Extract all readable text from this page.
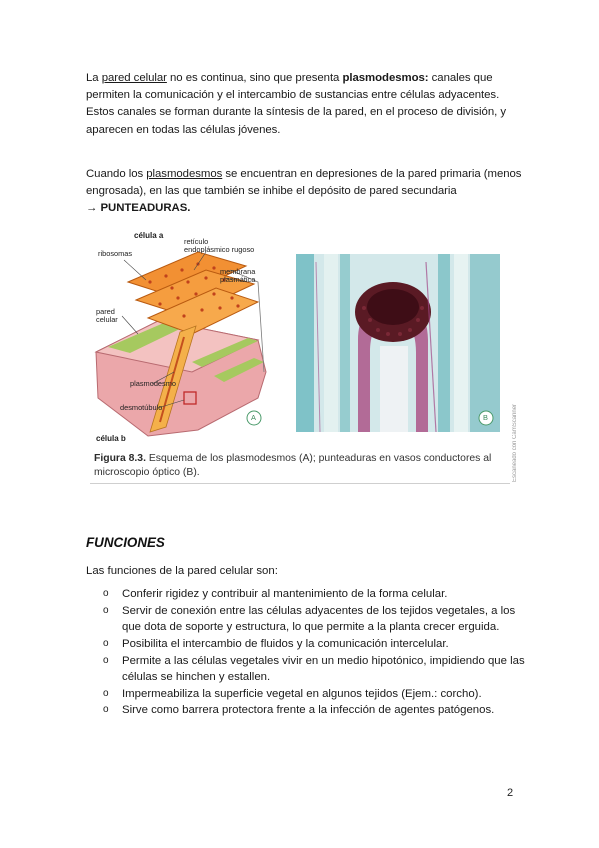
La pared celular no es continua, sino que presenta plasmodesmos: canales que permiten la comunicación y el intercambio de sustancias entre células adyacentes. Estos canales se forman durante la síntesis de la pared, en el proceso de división, y aparecen en todas las células jóvenes.

Cuando los plasmodesmos se encuentran en depresiones de la pared primaria (menos engrosada), en las que también se inhibe el depósito de pared secundaria
→ PUNTEADURAS.

célula a
ribosomas
retículo
endoplásmico rugoso
membrana
plasmática
pared
celular
plasmodesmo
desmotúbulo
célula b
A	B
Figura 8.3. Esquema de los plasmodesmos (A); punteaduras en vasos conductores al microscopio óptico (B).	Escaneado con CamScanner
FUNCIONES
Las funciones de la pared celular son:
o Conferir rigidez y contribuir al mantenimiento de la forma celular.
o Servir de conexión entre las células adyacentes de los tejidos vegetales, a los que dota de soporte y estructura, lo que permite a la planta crecer erguida.
o Posibilita el intercambio de fluidos y la comunicación intercelular.
o Permite a las células vegetales vivir en un medio hipotónico, impidiendo que las células se hinchen y estallen.
o Impermeabiliza la superficie vegetal en algunos tejidos (Ejem.: corcho).
o Sirve como barrera protectora frente a la infección de agentes patógenos.
2
